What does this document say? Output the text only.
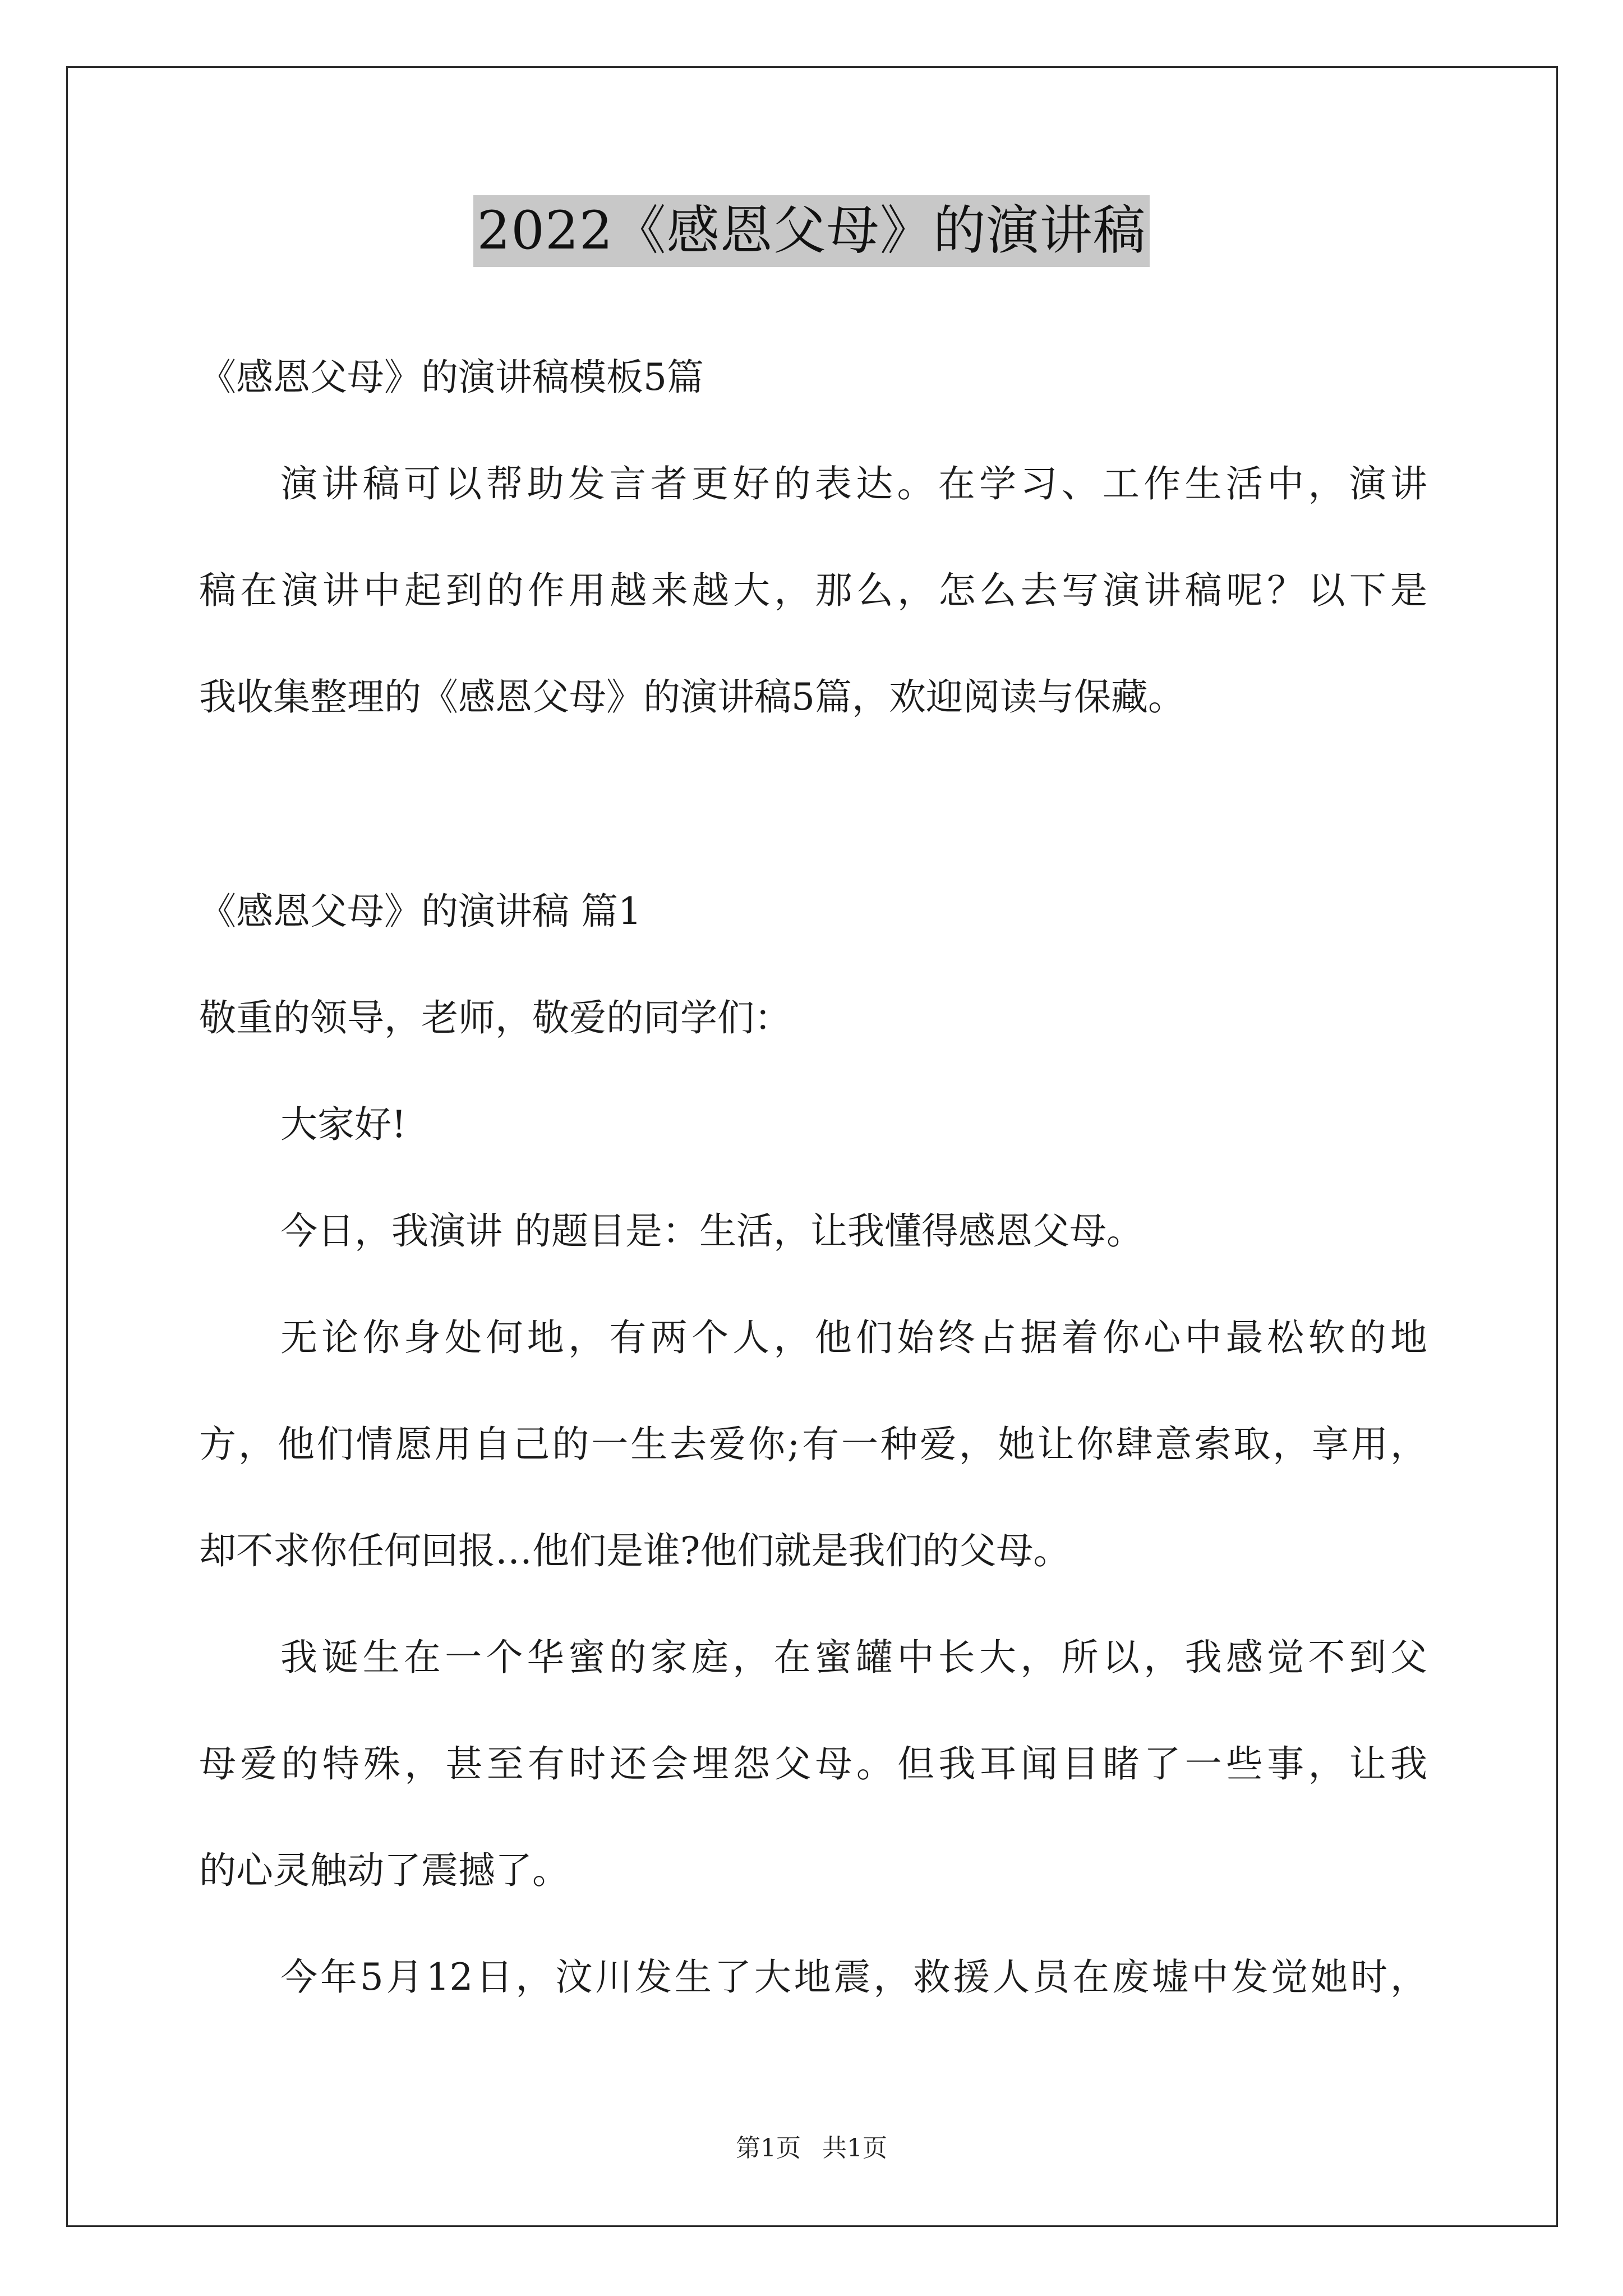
2022《感恩父母》的演讲稿
《感恩父母》的演讲稿模板5篇
演讲稿可以帮助发言者更好的表达。在学习、工作生活中，演讲
稿在演讲中起到的作用越来越大，那么，怎么去写演讲稿呢？以下是
我收集整理的《感恩父母》的演讲稿5篇，欢迎阅读与保藏。
《感恩父母》的演讲稿 篇1
敬重的领导，老师，敬爱的同学们：
大家好!
今日，我演讲 的题目是：生活，让我懂得感恩父母。
无论你身处何地，有两个人，他们始终占据着你心中最松软的地
方，他们情愿用自己的一生去爱你;有一种爱，她让你肆意索取，享用，
却不求你任何回报…他们是谁?他们就是我们的父母。
我诞生在一个华蜜的家庭，在蜜罐中长大，所以，我感觉不到父
母爱的特殊，甚至有时还会埋怨父母。但我耳闻目睹了一些事，让我
的心灵触动了震撼了。
今年5月12日，汶川发生了大地震，救援人员在废墟中发觉她时，
第1页 共1页
